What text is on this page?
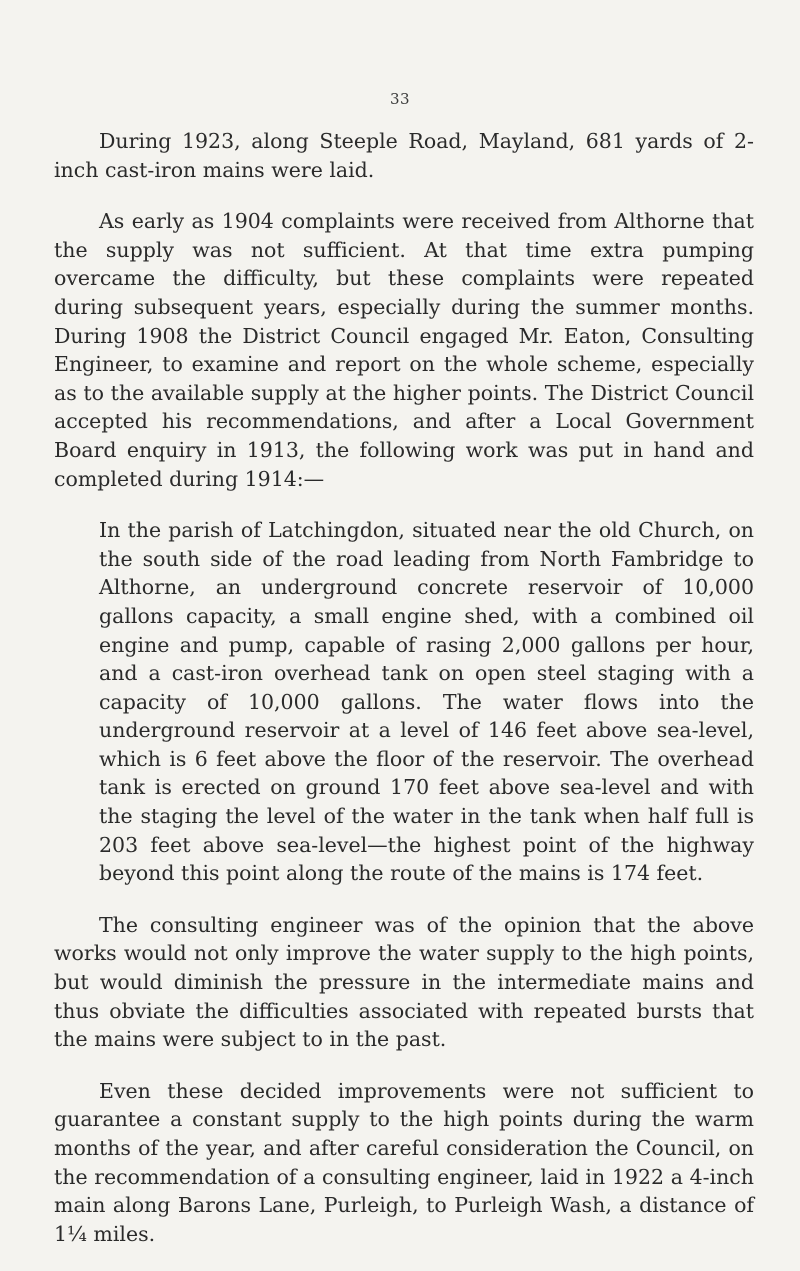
33

During 1923, along Steeple Road, Mayland, 681 yards of 2-inch cast-iron mains were laid.

As early as 1904 complaints were received from Althorne that the supply was not sufficient. At that time extra pumping overcame the difficulty, but these complaints were repeated during subsequent years, especially during the summer months. During 1908 the District Council engaged Mr. Eaton, Consulting Engineer, to examine and report on the whole scheme, especially as to the available supply at the higher points. The District Council accepted his recommendations, and after a Local Government Board enquiry in 1913, the following work was put in hand and completed during 1914:—

In the parish of Latchingdon, situated near the old Church, on the south side of the road leading from North Fambridge to Althorne, an underground concrete reservoir of 10,000 gallons capacity, a small engine shed, with a combined oil engine and pump, capable of rasing 2,000 gallons per hour, and a cast-iron overhead tank on open steel staging with a capacity of 10,000 gallons. The water flows into the underground reservoir at a level of 146 feet above sea-level, which is 6 feet above the floor of the reservoir. The overhead tank is erected on ground 170 feet above sea-level and with the staging the level of the water in the tank when half full is 203 feet above sea-level—the highest point of the highway beyond this point along the route of the mains is 174 feet.

The consulting engineer was of the opinion that the above works would not only improve the water supply to the high points, but would diminish the pressure in the intermediate mains and thus obviate the difficulties associated with repeated bursts that the mains were subject to in the past.

Even these decided improvements were not sufficient to guarantee a constant supply to the high points during the warm months of the year, and after careful consideration the Council, on the recommendation of a consulting engineer, laid in 1922 a 4-inch main along Barons Lane, Purleigh, to Purleigh Wash, a distance of 1¼ miles.
